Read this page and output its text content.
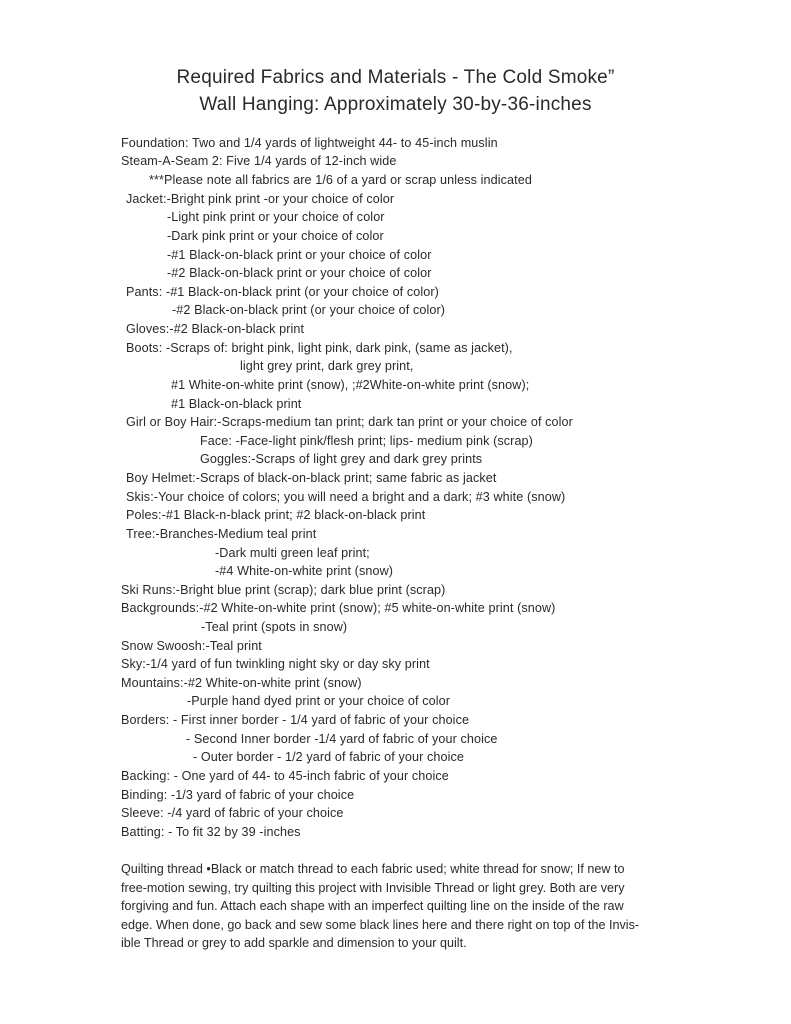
Required Fabrics and Materials - The Cold Smoke”
Wall Hanging: Approximately 30-by-36-inches
Foundation: Two and 1/4 yards of lightweight 44- to 45-inch muslin
Steam-A-Seam 2: Five 1/4 yards of 12-inch wide
***Please note all fabrics are 1/6 of a yard or scrap unless indicated
Jacket:-Bright pink print -or your choice of color
-Light pink print or your choice of color
-Dark pink print or your choice of color
-#1 Black-on-black print or your choice of color
-#2 Black-on-black print or your choice of color
Pants: -#1 Black-on-black print (or your choice of color)
-#2 Black-on-black print (or your choice of color)
Gloves:-#2 Black-on-black print
Boots: -Scraps of: bright pink, light pink, dark pink, (same as jacket),
light grey print, dark grey print,
#1 White-on-white print (snow), ;#2White-on-white print (snow);
#1 Black-on-black print
Girl or Boy Hair:-Scraps-medium tan print; dark tan print or your choice of color
Face: -Face-light pink/flesh print; lips- medium pink (scrap)
Goggles:-Scraps of light grey and dark grey prints
Boy Helmet:-Scraps of black-on-black print; same fabric as jacket
Skis:-Your choice of colors; you will need a bright and a dark; #3 white (snow)
Poles:-#1 Black-n-black print; #2 black-on-black print
Tree:-Branches-Medium teal print
-Dark multi green leaf print;
-#4 White-on-white print (snow)
Ski Runs:-Bright blue print (scrap); dark blue print (scrap)
Backgrounds:-#2 White-on-white print (snow); #5 white-on-white print (snow)
-Teal print (spots in snow)
Snow Swoosh:-Teal print
Sky:-1/4 yard of fun twinkling night sky or day sky print
Mountains:-#2 White-on-white print (snow)
-Purple hand dyed print or your choice of color
Borders: - First inner border - 1/4 yard of fabric of your choice
- Second Inner border -1/4 yard of fabric of your choice
- Outer border - 1/2 yard of fabric of your choice
Backing: - One yard of 44- to 45-inch fabric of your choice
Binding: -1/3 yard of fabric of your choice
Sleeve: -/4 yard of fabric of your choice
Batting: - To fit 32 by 39 -inches
Quilting thread •Black or match thread to each fabric used; white thread for snow; If new to
free-motion sewing, try quilting this project with Invisible Thread or light grey. Both are very
forgiving and fun. Attach each shape with an imperfect quilting line on the inside of the raw
edge. When done, go back and sew some black lines here and there right on top of the Invis-
ible Thread or grey to add sparkle and dimension to your quilt.
